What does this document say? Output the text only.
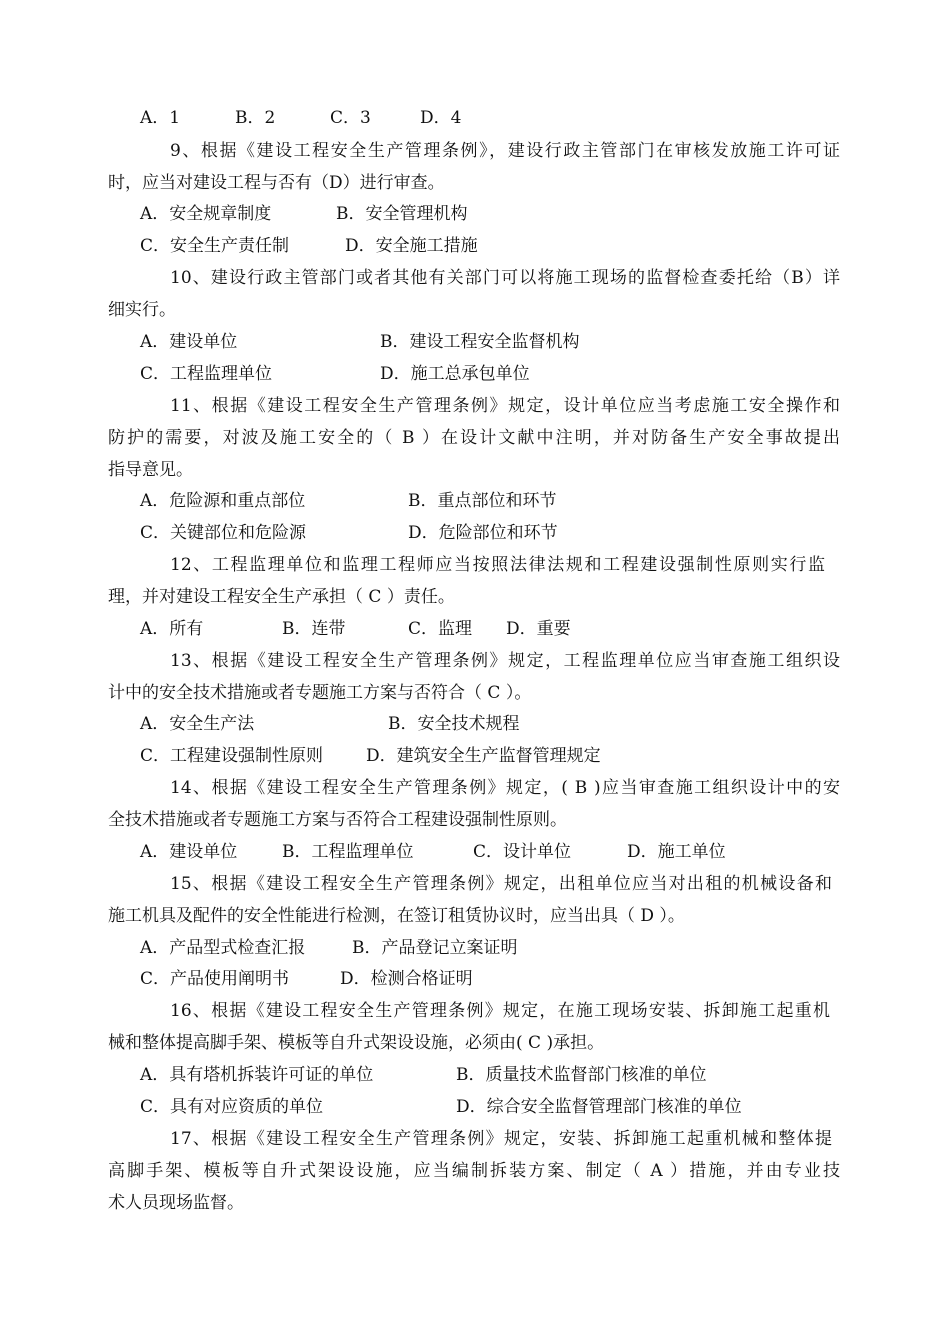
A．1	B．2	C．3	D．4
9、根据《建设工程安全生产管理条例》，建设行政主管部门在审核发放施工许可证
时，应当对建设工程与否有（D）进行审查。
A．安全规章制度	B．安全管理机构
C．安全生产责任制	D．安全施工措施
10、建设行政主管部门或者其他有关部门可以将施工现场的监督检查委托给（B）详
细实行。
A．建设单位	B．建设工程安全监督机构
C．工程监理单位	D．施工总承包单位
11、根据《建设工程安全生产管理条例》规定，设计单位应当考虑施工安全操作和
防护的需要，对波及施工安全的（ B ）在设计文献中注明，并对防备生产安全事故提出
指导意见。
A．危险源和重点部位	B．重点部位和环节
C．关键部位和危险源	D．危险部位和环节
12、工程监理单位和监理工程师应当按照法律法规和工程建设强制性原则实行监
理，并对建设工程安全生产承担（ C ）责任。
A．所有	B．连带	C．监理 D．重要
13、根据《建设工程安全生产管理条例》规定，工程监理单位应当审查施工组织设
计中的安全技术措施或者专题施工方案与否符合（ C ）。
A．安全生产法	B．安全技术规程
C．工程建设强制性原则	D．建筑安全生产监督管理规定
14、根据《建设工程安全生产管理条例》规定，( B )应当审查施工组织设计中的安
全技术措施或者专题施工方案与否符合工程建设强制性原则。
A．建设单位	B．工程监理单位	C．设计单位	D．施工单位
15、根据《建设工程安全生产管理条例》规定，出租单位应当对出租的机械设备和
施工机具及配件的安全性能进行检测，在签订租赁协议时，应当出具（ D ）。
A．产品型式检查汇报	B．产品登记立案证明
C．产品使用阐明书	D．检测合格证明
16、根据《建设工程安全生产管理条例》规定，在施工现场安装、拆卸施工起重机
械和整体提高脚手架、模板等自升式架设设施，必须由( C )承担。
A．具有塔机拆装许可证的单位	B．质量技术监督部门核准的单位
C．具有对应资质的单位	D．综合安全监督管理部门核准的单位
17、根据《建设工程安全生产管理条例》规定，安装、拆卸施工起重机械和整体提
高脚手架、模板等自升式架设设施，应当编制拆装方案、制定（ A ）措施，并由专业技
术人员现场监督。
